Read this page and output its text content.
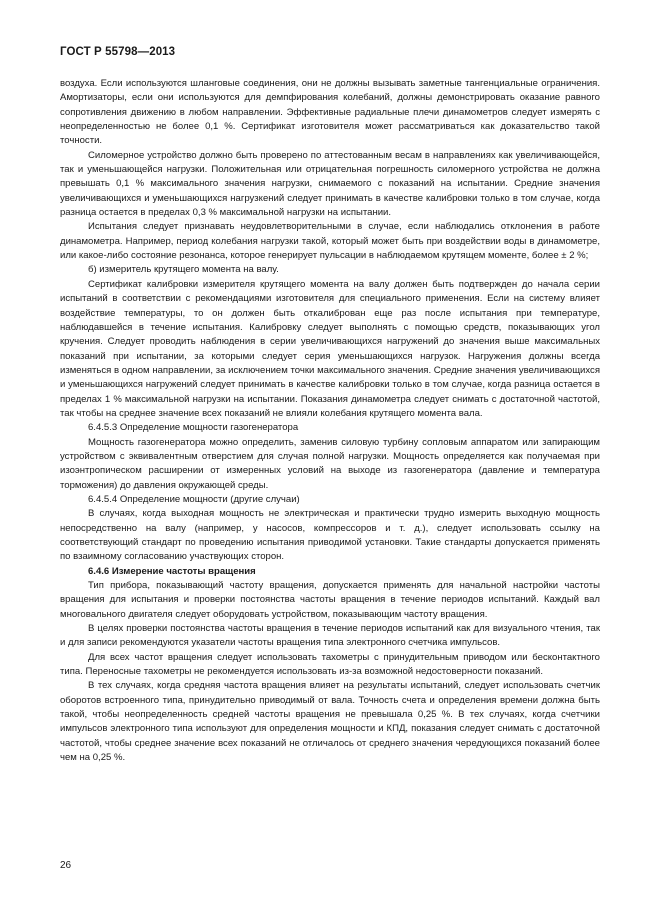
ГОСТ Р 55798—2013

воздуха. Если используются шланговые соединения, они не должны вызывать заметные тангенциальные ограничения. Амортизаторы, если они используются для демпфирования колебаний, должны демонстрировать оказание равного сопротивления движению в любом направлении. Эффективные радиальные плечи динамометров следует измерять с неопределенностью не более 0,1 %. Сертификат изготовителя может рассматриваться как доказательство такой точности.

Силомерное устройство должно быть проверено по аттестованным весам в направлениях как увеличивающейся, так и уменьшающейся нагрузки. Положительная или отрицательная погрешность силомерного устройства не должна превышать 0,1 % максимального значения нагрузки, снимаемого с показаний на испытании. Средние значения увеличивающихся и уменьшающихся нагрузкений следует принимать в качестве калибровки только в том случае, когда разница остается в пределах 0,3 % максимальной нагрузки на испытании.

Испытания следует признавать неудовлетворительными в случае, если наблюдались отклонения в работе динамометра. Например, период колебания нагрузки такой, который может быть при воздействии воды в динамометре, или какое-либо состояние резонанса, которое генерирует пульсации в наблюдаемом крутящем моменте, более ± 2 %;

б) измеритель крутящего момента на валу.

Сертификат калибровки измерителя крутящего момента на валу должен быть подтвержден до начала серии испытаний в соответствии с рекомендациями изготовителя для специального применения. Если на систему влияет воздействие температуры, то он должен быть откалиброван еще раз после испытания при температуре, наблюдавшейся в течение испытания. Калибровку следует выполнять с помощью средств, показывающих угол кручения. Следует проводить наблюдения в серии увеличивающихся нагружений до значения выше максимальных показаний при испытании, за которыми следует серия уменьшающихся нагрузок. Нагружения должны всегда изменяться в одном направлении, за исключением точки максимального значения. Средние значения увеличивающихся и уменьшающихся нагружений следует принимать в качестве калибровки только в том случае, когда разница остается в пределах 1 % максимальной нагрузки на испытании. Показания динамометра следует снимать с достаточной частотой, так чтобы на среднее значение всех показаний не влияли колебания крутящего момента вала.

6.4.5.3 Определение мощности газогенератора

Мощность газогенератора можно определить, заменив силовую турбину сопловым аппаратом или запирающим устройством с эквивалентным отверстием для случая полной нагрузки. Мощность определяется как получаемая при изоэнтропическом расширении от измеренных условий на выходе из газогенератора (давление и температура торможения) до давления окружающей среды.

6.4.5.4 Определение мощности (другие случаи)

В случаях, когда выходная мощность не электрическая и практически трудно измерить выходную мощность непосредственно на валу (например, у насосов, компрессоров и т. д.), следует использовать ссылку на соответствующий стандарт по проведению испытания приводимой установки. Такие стандарты допускается применять по взаимному согласованию участвующих сторон.

6.4.6 Измерение частоты вращения

Тип прибора, показывающий частоту вращения, допускается применять для начальной настройки частоты вращения для испытания и проверки постоянства частоты вращения в течение периодов испытаний. Каждый вал многовального двигателя следует оборудовать устройством, показывающим частоту вращения.

В целях проверки постоянства частоты вращения в течение периодов испытаний как для визуального чтения, так и для записи рекомендуются указатели частоты вращения типа электронного счетчика импульсов.

Для всех частот вращения следует использовать тахометры с принудительным приводом или бесконтактного типа. Переносные тахометры не рекомендуется использовать из-за возможной недостоверности показаний.

В тех случаях, когда средняя частота вращения влияет на результаты испытаний, следует использовать счетчик оборотов встроенного типа, принудительно приводимый от вала. Точность счета и определения времени должна быть такой, чтобы неопределенность средней частоты вращения не превышала 0,25 %. В тех случаях, когда счетчики импульсов электронного типа используют для определения мощности и КПД, показания следует снимать с достаточной частотой, чтобы среднее значение всех показаний не отличалось от среднего значения чередующихся показаний более чем на 0,25 %.

26
